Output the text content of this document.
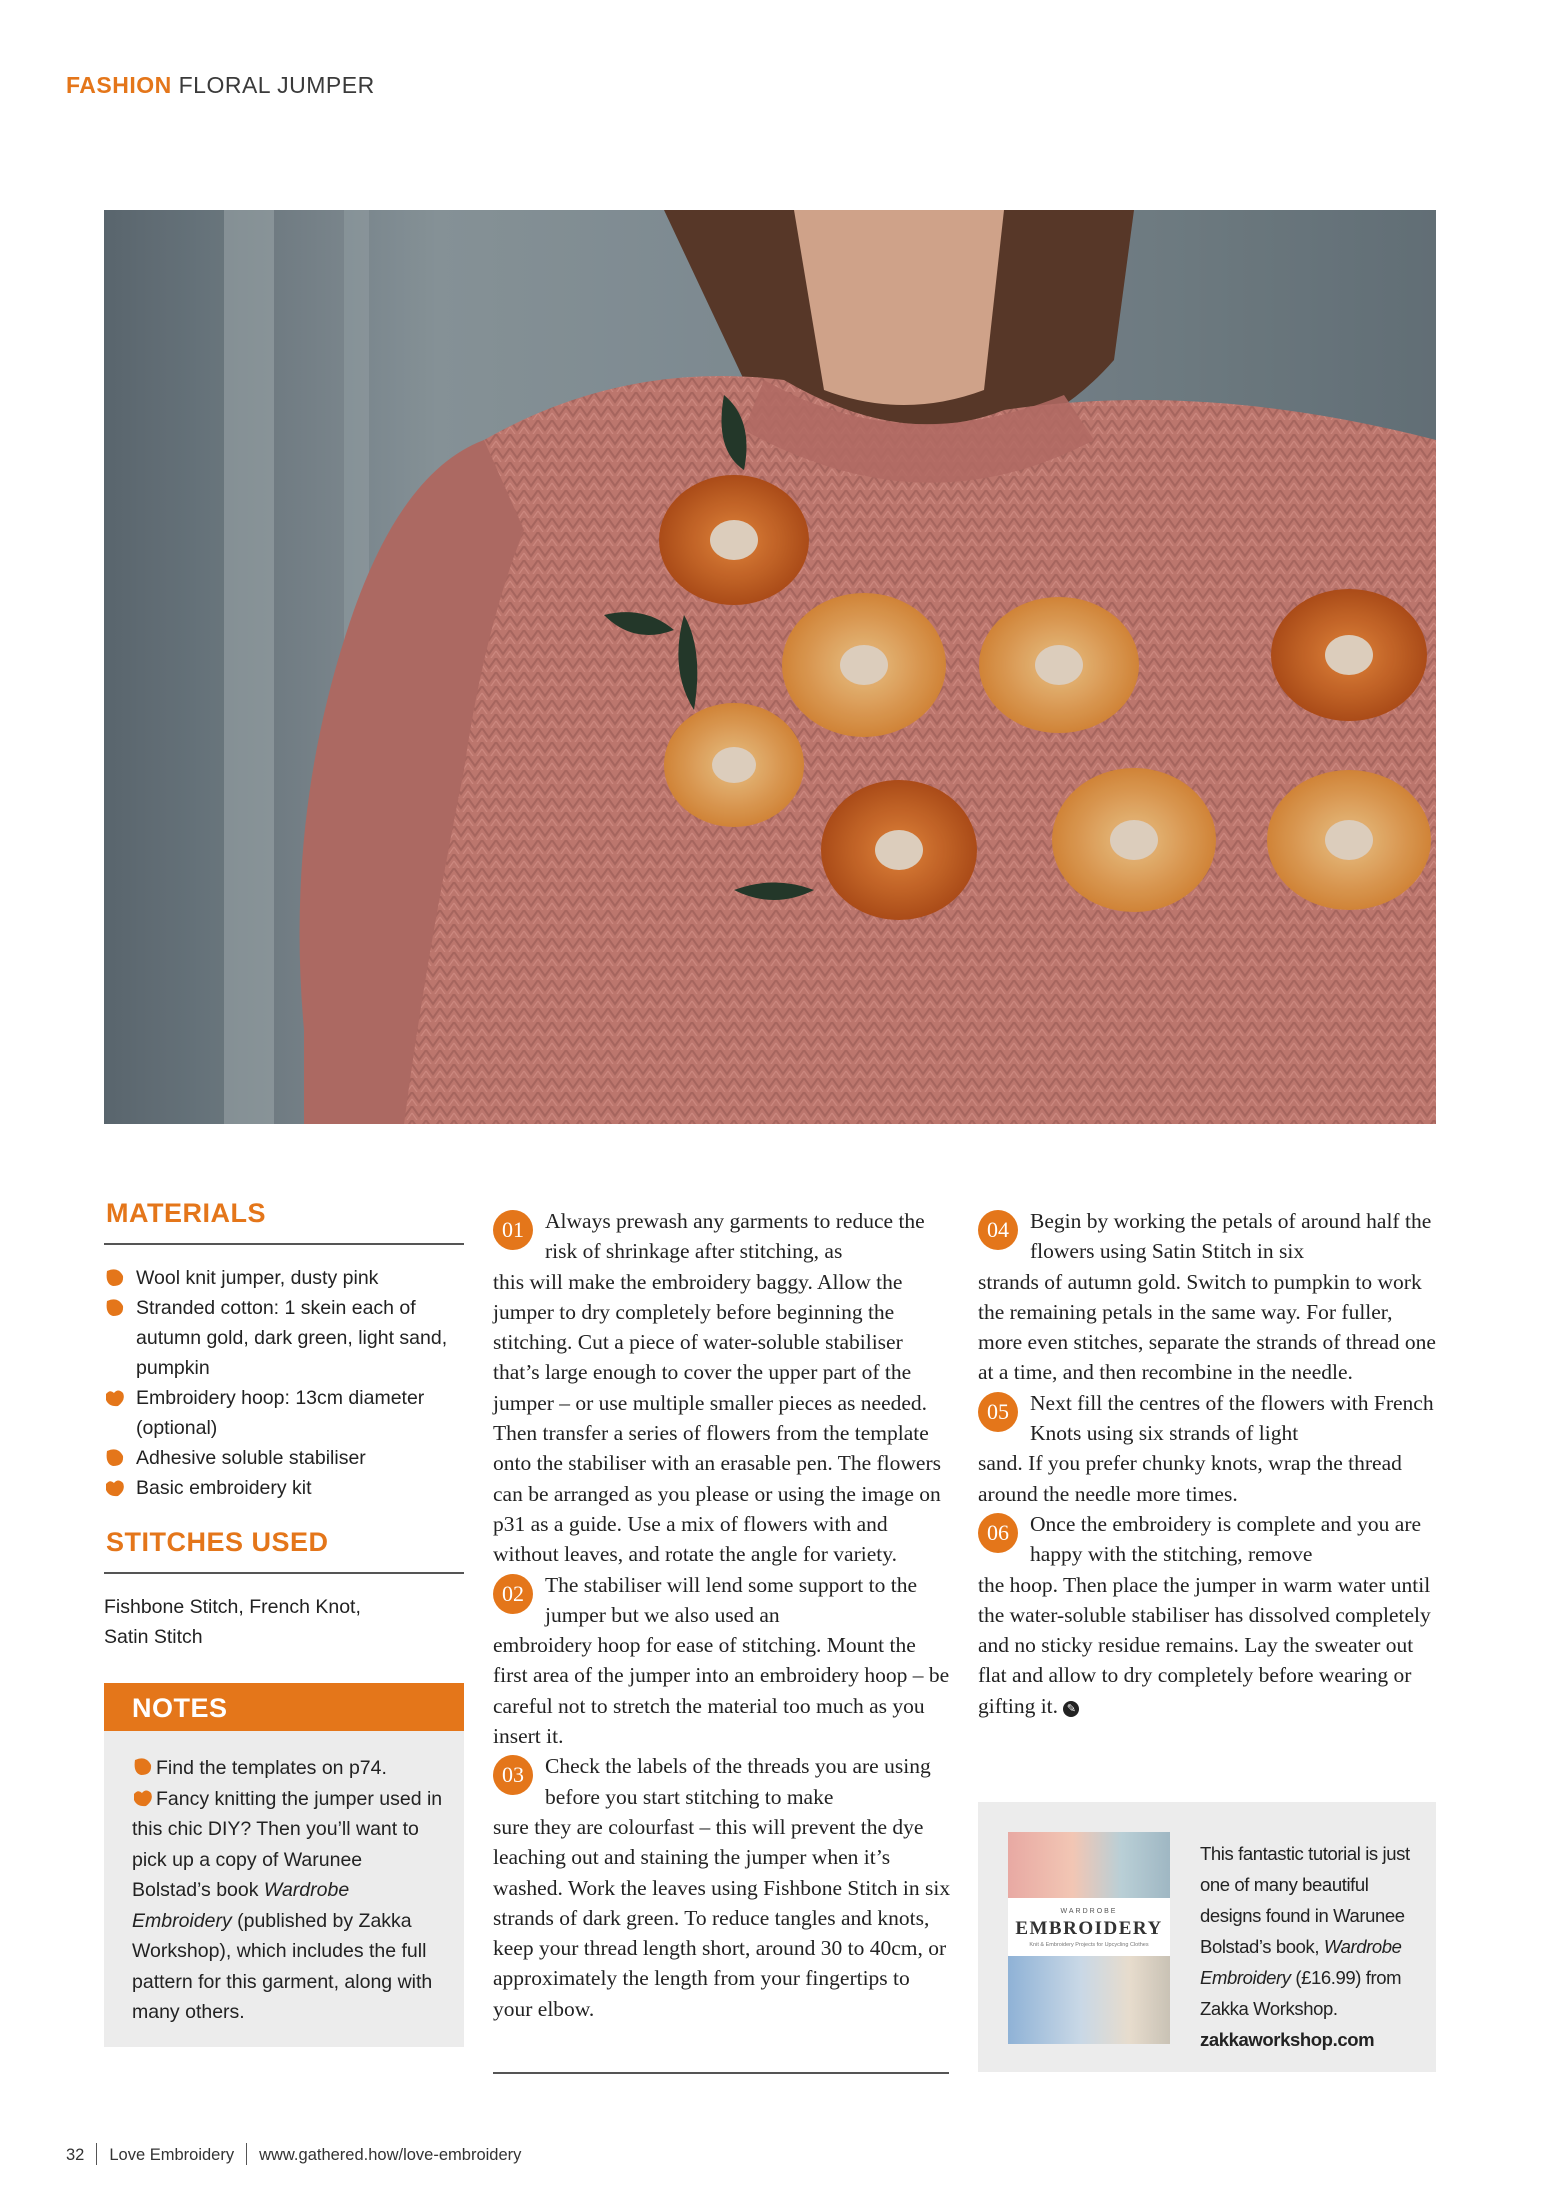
FASHION FLORAL JUMPER
MATERIALS
Wool knit jumper, dusty pink
Stranded cotton: 1 skein each of autumn gold, dark green, light sand, pumpkin
Embroidery hoop: 13cm diameter (optional)
Adhesive soluble stabiliser
Basic embroidery kit
STITCHES USED
Fishbone Stitch, French Knot, Satin Stitch
NOTES
Find the templates on p74.
Fancy knitting the jumper used in this chic DIY? Then you’ll want to pick up a copy of Warunee Bolstad’s book Wardrobe Embroidery (published by Zakka Workshop), which includes the full pattern for this garment, along with many others.
01 Always prewash any garments to reduce the risk of shrinkage after stitching, as

this will make the embroidery baggy. Allow the jumper to dry completely before beginning the stitching. Cut a piece of water-soluble stabiliser that’s large enough to cover the upper part of the jumper – or use multiple smaller pieces as needed. Then transfer a series of flowers from the template onto the stabiliser with an erasable pen. The flowers can be arranged as you please or using the image on p31 as a guide. Use a mix of flowers with and without leaves, and rotate the angle for variety.

02 The stabiliser will lend some support to the jumper but we also used an

embroidery hoop for ease of stitching. Mount the first area of the jumper into an embroidery hoop – be careful not to stretch the material too much as you insert it.

03 Check the labels of the threads you are using before you start stitching to make

sure they are colourfast – this will prevent the dye leaching out and staining the jumper when it’s washed. Work the leaves using Fishbone Stitch in six strands of dark green. To reduce tangles and knots, keep your thread length short, around 30 to 40cm, or approximately the length from your fingertips to your elbow.

04 Begin by working the petals of around half the flowers using Satin Stitch in six

strands of autumn gold. Switch to pumpkin to work the remaining petals in the same way. For fuller, more even stitches, separate the strands of thread one at a time, and then recombine in the needle.

05 Next fill the centres of the flowers with French Knots using six strands of light

sand. If you prefer chunky knots, wrap the thread around the needle more times.

06 Once the embroidery is complete and you are happy with the stitching, remove

the hoop. Then place the jumper in warm water until the water-soluble stabiliser has dissolved completely and no sticky residue remains. Lay the sweater out flat and allow to dry completely before wearing or gifting it. ✎

WARDROBE
EMBROIDERY
Knit & Embroidery Projects for Upcycling Clothes
This fantastic tutorial is just one of many beautiful designs found in Warunee Bolstad’s book, Wardrobe Embroidery (£16.99) from Zakka Workshop.
zakkaworkshop.com
32 Love Embroidery www.gathered.how/love-embroidery
